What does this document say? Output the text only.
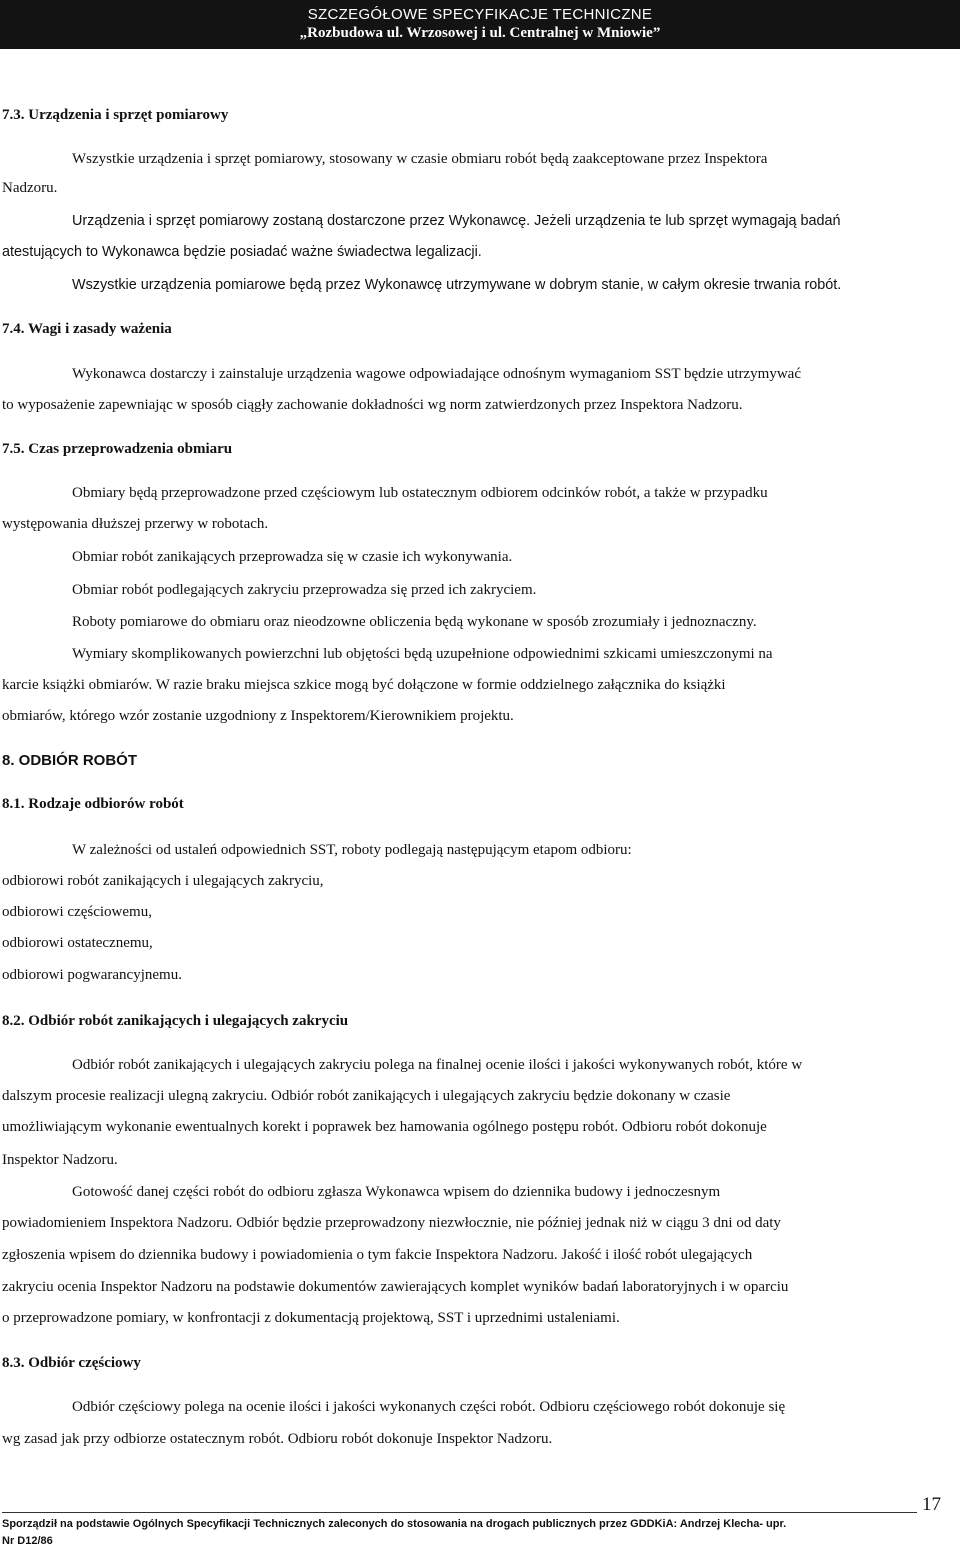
SZCZEGÓŁOWE SPECYFIKACJE TECHNICZNE
„Rozbudowa ul. Wrzosowej i ul. Centralnej w Mniowie”
7.3. Urządzenia i sprzęt pomiarowy
Wszystkie urządzenia i sprzęt pomiarowy, stosowany w czasie obmiaru robót będą zaakceptowane przez Inspektora
Nadzoru.
Urządzenia i sprzęt pomiarowy zostaną dostarczone przez Wykonawcę. Jeżeli urządzenia te lub sprzęt wymagają badań
atestujących to Wykonawca będzie posiadać ważne świadectwa legalizacji.
Wszystkie urządzenia pomiarowe będą przez Wykonawcę utrzymywane w dobrym stanie, w całym okresie trwania robót.
7.4. Wagi i zasady ważenia
Wykonawca dostarczy i zainstaluje urządzenia wagowe odpowiadające odnośnym wymaganiom SST będzie utrzymywać
to wyposażenie zapewniając w sposób ciągły zachowanie dokładności wg norm zatwierdzonych przez Inspektora Nadzoru.
7.5. Czas przeprowadzenia obmiaru
Obmiary będą przeprowadzone przed częściowym lub ostatecznym odbiorem odcinków robót, a także w przypadku
występowania dłuższej przerwy w robotach.
Obmiar robót zanikających przeprowadza się w czasie ich wykonywania.
Obmiar robót podlegających zakryciu przeprowadza się przed ich zakryciem.
Roboty pomiarowe do obmiaru oraz nieodzowne obliczenia będą wykonane w sposób zrozumiały i jednoznaczny.
Wymiary skomplikowanych powierzchni lub objętości będą uzupełnione odpowiednimi szkicami umieszczonymi na
karcie książki obmiarów. W razie braku miejsca szkice mogą być dołączone w formie oddzielnego załącznika do książki
obmiarów, którego wzór zostanie uzgodniony z Inspektorem/Kierownikiem projektu.
8. ODBIÓR ROBÓT
8.1. Rodzaje odbiorów robót
W zależności od ustaleń odpowiednich SST, roboty podlegają następującym etapom odbioru:
odbiorowi robót zanikających i ulegających zakryciu,
odbiorowi częściowemu,
odbiorowi ostatecznemu,
odbiorowi pogwarancyjnemu.
8.2. Odbiór robót zanikających i ulegających zakryciu
Odbiór robót zanikających i ulegających zakryciu polega na finalnej ocenie ilości i jakości wykonywanych robót, które w
dalszym procesie realizacji ulegną zakryciu. Odbiór robót zanikających i ulegających zakryciu będzie dokonany w czasie
umożliwiającym wykonanie ewentualnych korekt i poprawek bez hamowania ogólnego postępu robót. Odbioru robót dokonuje
Inspektor Nadzoru.
Gotowość danej części robót do odbioru zgłasza Wykonawca wpisem do dziennika budowy i jednoczesnym
powiadomieniem Inspektora Nadzoru. Odbiór będzie przeprowadzony niezwłocznie, nie później jednak niż w ciągu 3 dni od daty
zgłoszenia wpisem do dziennika budowy i powiadomienia o tym fakcie Inspektora Nadzoru. Jakość i ilość robót ulegających
zakryciu ocenia Inspektor Nadzoru na podstawie dokumentów zawierających komplet wyników badań laboratoryjnych i w oparciu
o przeprowadzone pomiary, w konfrontacji z dokumentacją projektową, SST i uprzednimi ustaleniami.
8.3. Odbiór częściowy
Odbiór częściowy polega na ocenie ilości i jakości wykonanych części robót. Odbioru częściowego robót dokonuje się
wg zasad jak przy odbiorze ostatecznym robót. Odbioru robót dokonuje Inspektor Nadzoru.
17
Sporządził na podstawie Ogólnych Specyfikacji Technicznych zaleconych do stosowania na drogach publicznych przez GDDKiA: Andrzej Klecha- upr.
Nr D12/86
